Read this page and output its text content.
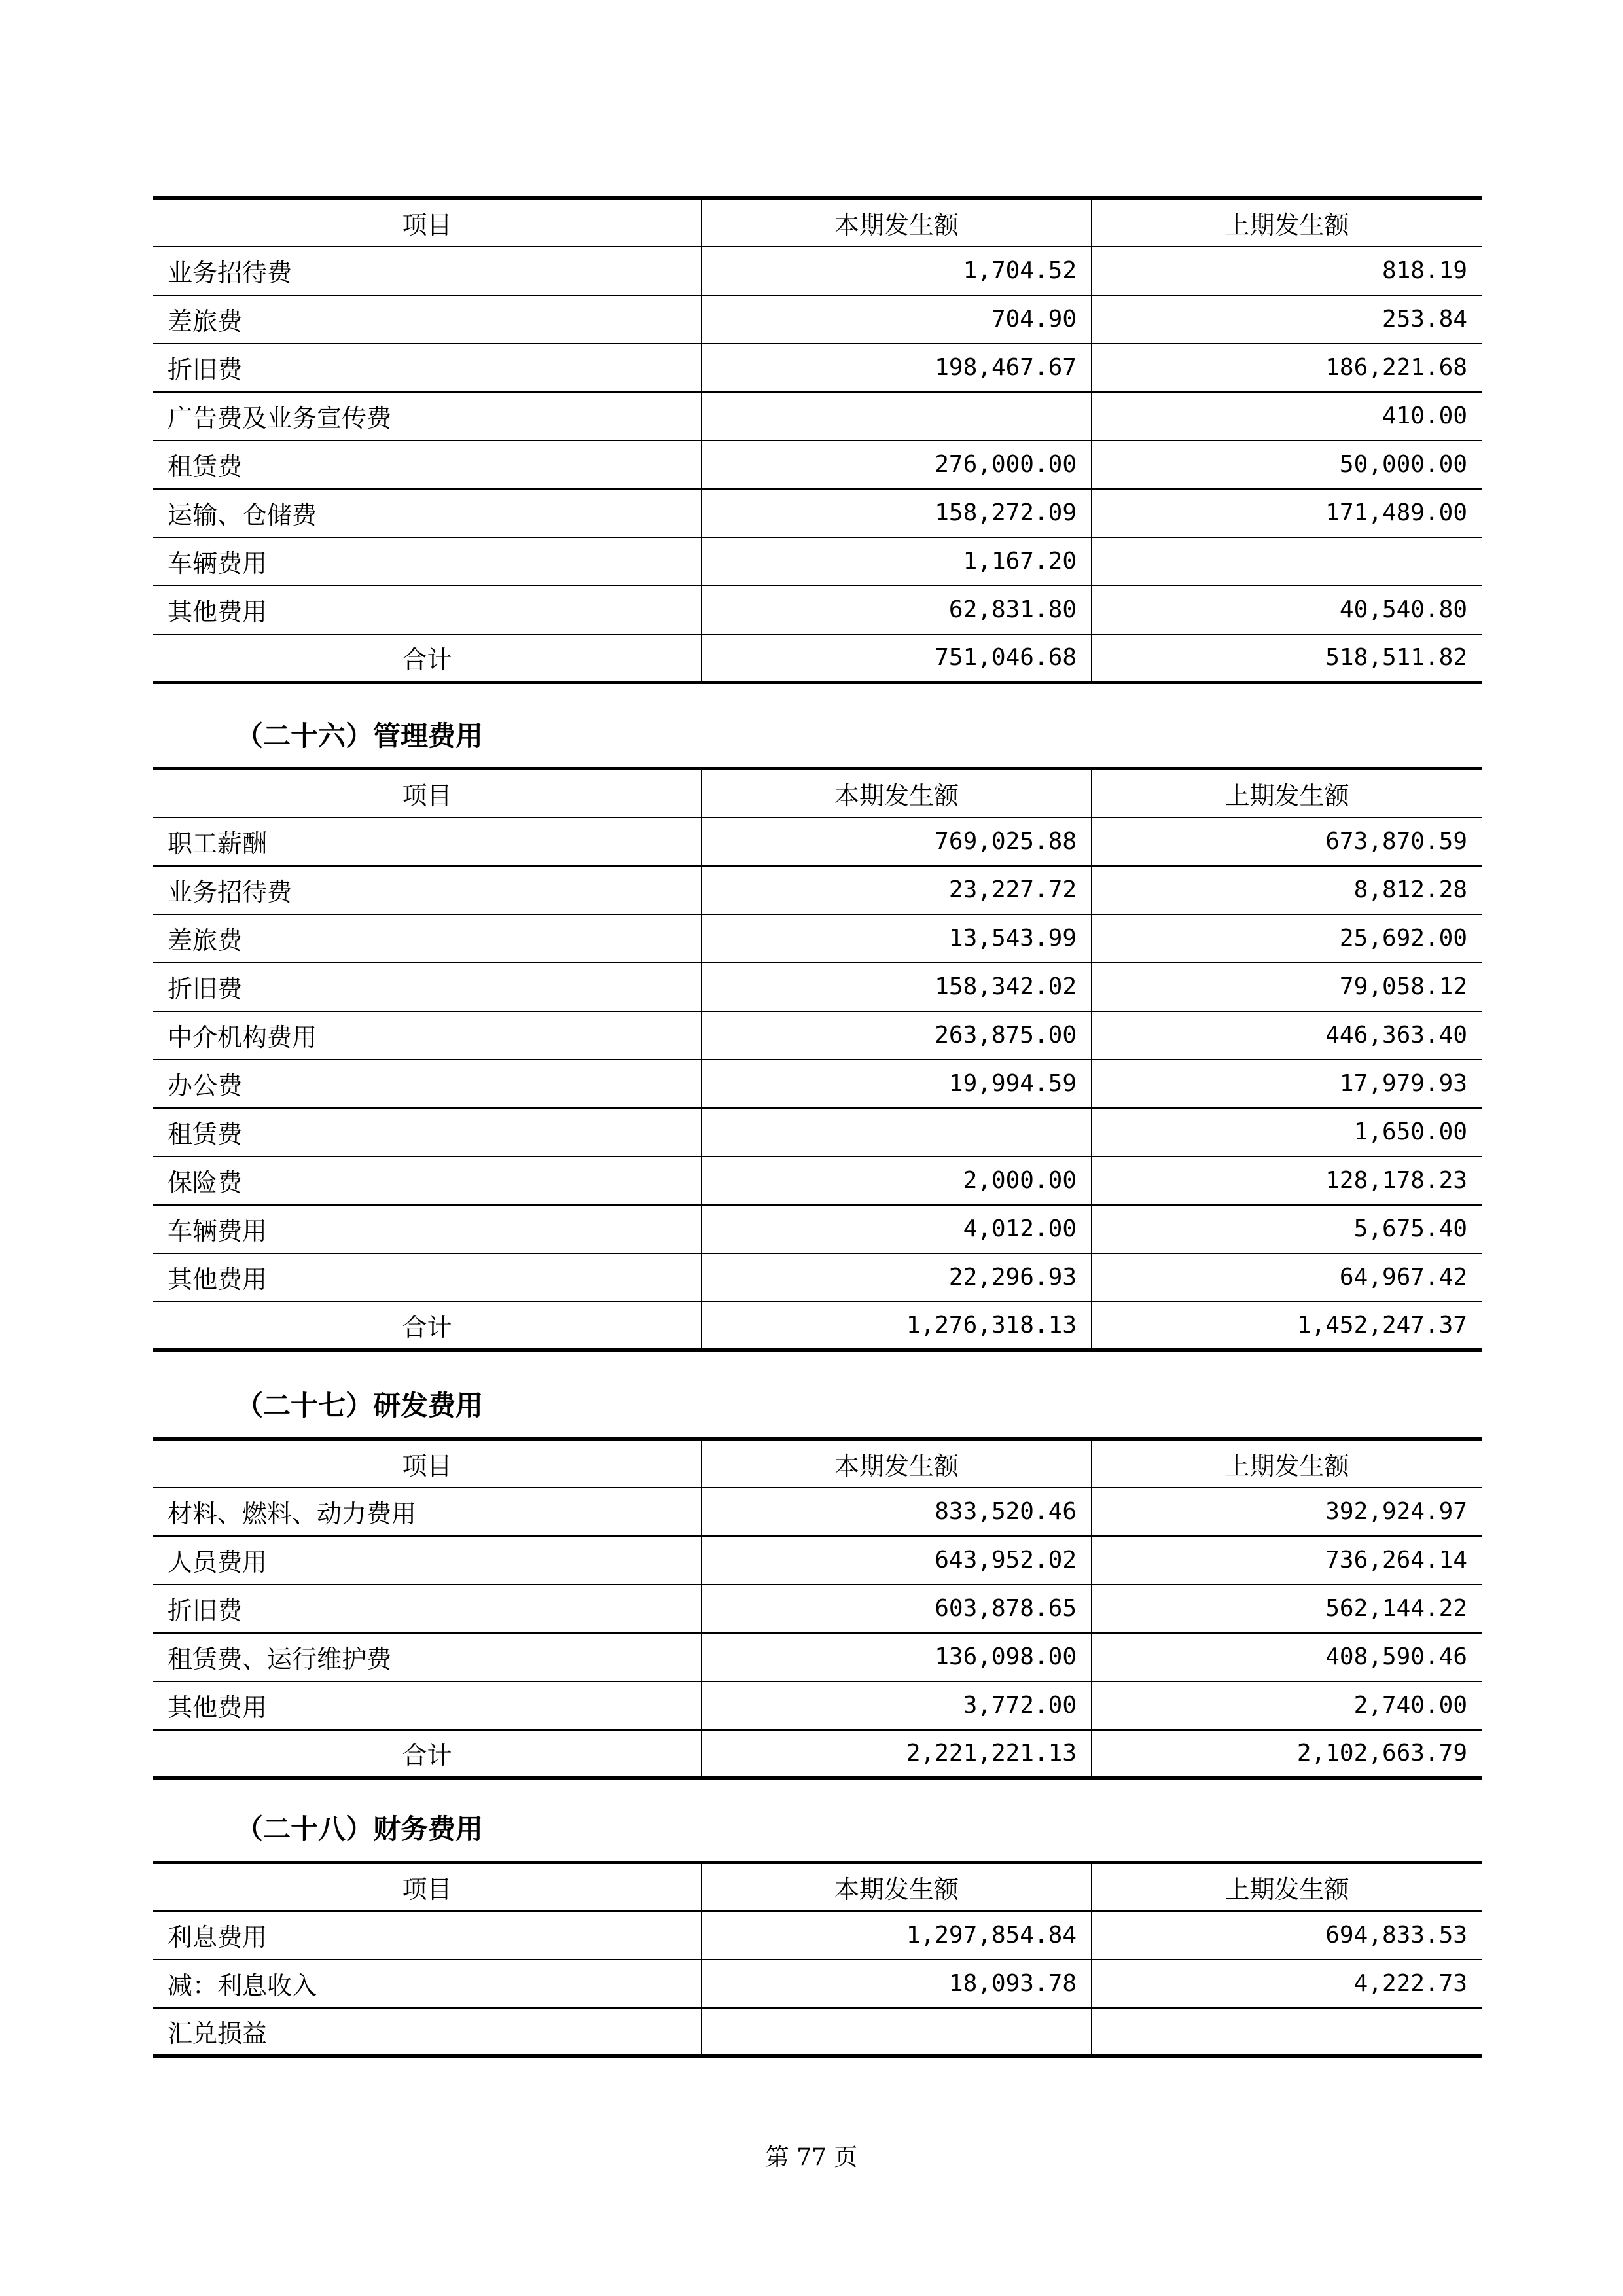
项目	本期发生额	上期发生额
业务招待费	1,704.52	818.19
差旅费	704.90	253.84
折旧费	198,467.67	186,221.68
广告费及业务宣传费		410.00
租赁费	276,000.00	50,000.00
运输、仓储费	158,272.09	171,489.00
车辆费用	1,167.20	
其他费用	62,831.80	40,540.80
合计	751,046.68	518,511.82
（二十六）管理费用
项目	本期发生额	上期发生额
职工薪酬	769,025.88	673,870.59
业务招待费	23,227.72	8,812.28
差旅费	13,543.99	25,692.00
折旧费	158,342.02	79,058.12
中介机构费用	263,875.00	446,363.40
办公费	19,994.59	17,979.93
租赁费		1,650.00
保险费	2,000.00	128,178.23
车辆费用	4,012.00	5,675.40
其他费用	22,296.93	64,967.42
合计	1,276,318.13	1,452,247.37
（二十七）研发费用
项目	本期发生额	上期发生额
材料、燃料、动力费用	833,520.46	392,924.97
人员费用	643,952.02	736,264.14
折旧费	603,878.65	562,144.22
租赁费、运行维护费	136,098.00	408,590.46
其他费用	3,772.00	2,740.00
合计	2,221,221.13	2,102,663.79
（二十八）财务费用
项目	本期发生额	上期发生额
利息费用	1,297,854.84	694,833.53
减：利息收入	18,093.78	4,222.73
汇兑损益		
第 77 页
